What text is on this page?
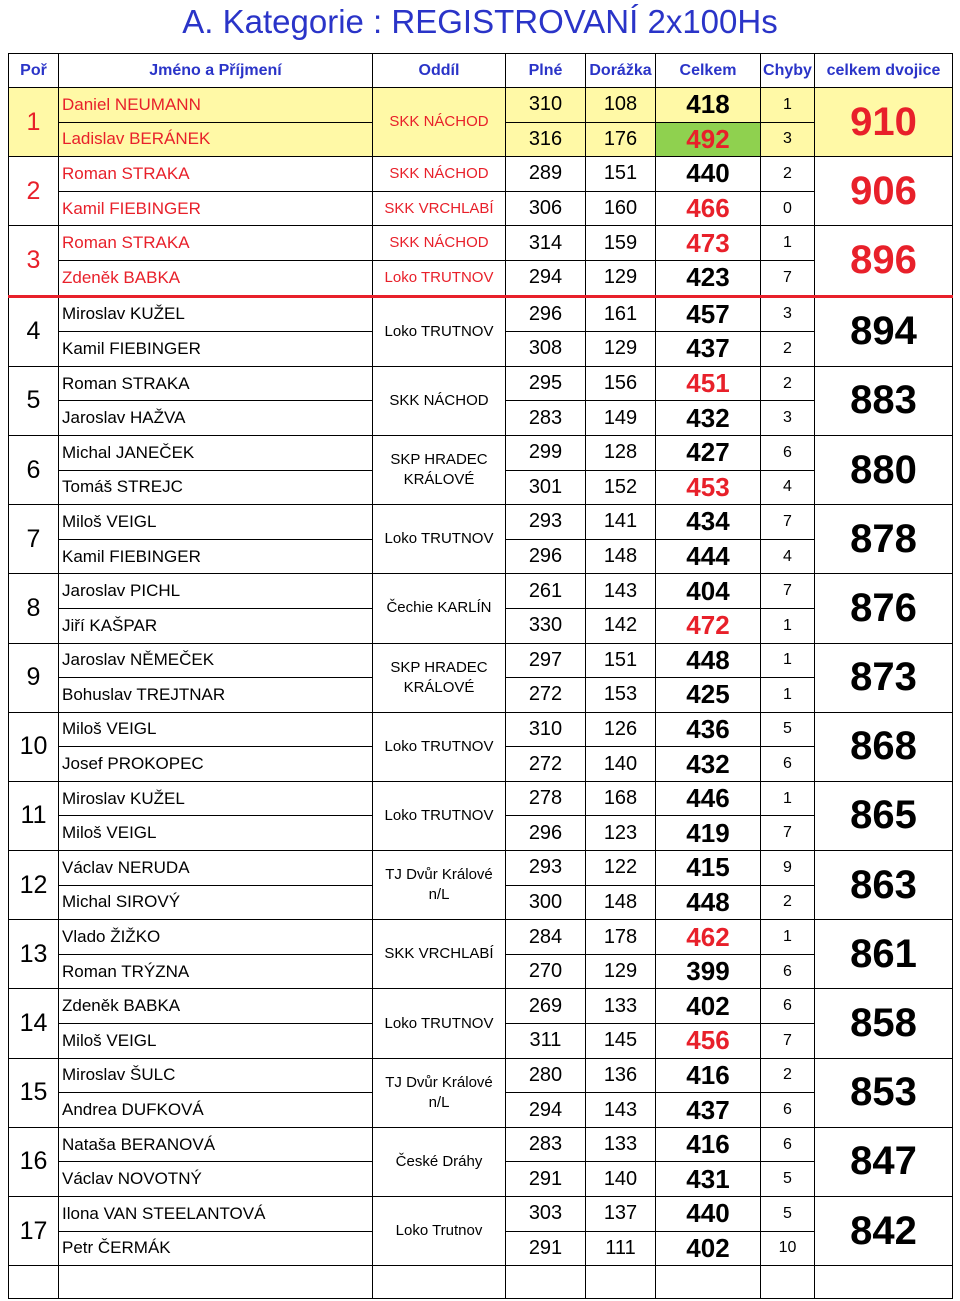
A. Kategorie : REGISTROVANÍ 2x100Hs
Poř	Jméno a Příjmení	Oddíl	Plné	Dorážka	Celkem	Chyby	celkem dvojice
1	Daniel NEUMANN	SKK NÁCHOD	310	108	418	1	910
	Ladislav BERÁNEK		316	176	492	3	
2	Roman STRAKA	SKK NÁCHOD	289	151	440	2	906
	Kamil FIEBINGER	SKK VRCHLABÍ	306	160	466	0	
3	Roman STRAKA	SKK NÁCHOD	314	159	473	1	896
	Zdeněk BABKA	Loko TRUTNOV	294	129	423	7	
4	Miroslav KUŽEL	Loko TRUTNOV	296	161	457	3	894
	Kamil FIEBINGER		308	129	437	2	
5	Roman STRAKA	SKK NÁCHOD	295	156	451	2	883
	Jaroslav HAŽVA		283	149	432	3	
6	Michal JANEČEK	SKP HRADEC KRÁLOVÉ	299	128	427	6	880
	Tomáš STREJC		301	152	453	4	
7	Miloš VEIGL	Loko TRUTNOV	293	141	434	7	878
	Kamil FIEBINGER		296	148	444	4	
8	Jaroslav PICHL	Čechie KARLÍN	261	143	404	7	876
	Jiří KAŠPAR		330	142	472	1	
9	Jaroslav NĚMEČEK	SKP HRADEC KRÁLOVÉ	297	151	448	1	873
	Bohuslav TREJTNAR		272	153	425	1	
10	Miloš VEIGL	Loko TRUTNOV	310	126	436	5	868
	Josef PROKOPEC		272	140	432	6	
11	Miroslav KUŽEL	Loko TRUTNOV	278	168	446	1	865
	Miloš VEIGL		296	123	419	7	
12	Václav NERUDA	TJ Dvůr Králové n/L	293	122	415	9	863
	Michal SIROVÝ		300	148	448	2	
13	Vlado ŽIŽKO	SKK VRCHLABÍ	284	178	462	1	861
	Roman TRÝZNA		270	129	399	6	
14	Zdeněk BABKA	Loko TRUTNOV	269	133	402	6	858
	Miloš VEIGL		311	145	456	7	
15	Miroslav ŠULC	TJ Dvůr Králové n/L	280	136	416	2	853
	Andrea DUFKOVÁ		294	143	437	6	
16	Nataša BERANOVÁ	České Dráhy	283	133	416	6	847
	Václav NOVOTNÝ		291	140	431	5	
17	Ilona VAN STEELANTOVÁ	Loko Trutnov	303	137	440	5	842
	Petr ČERMÁK		291	111	402	10	
